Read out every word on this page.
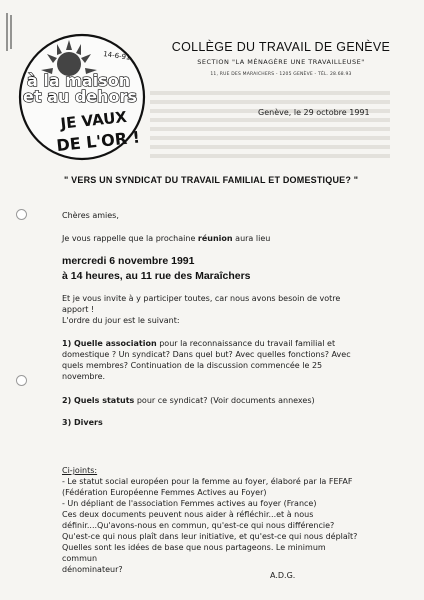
14-6-91
à la maison
et au dehors
JE VAUX
DE L'OR !

COLLÈGE DU TRAVAIL DE GENÈVE

SECTION "LA MÉNAGÈRE UNE TRAVAILLEUSE"

11, RUE DES MARAICHERS - 1205 GENÈVE - TÉL. 28.68.93

Genève, le 29 octobre 1991
" VERS UN SYNDICAT DU TRAVAIL FAMILIAL ET DOMESTIQUE? "
Chères amies,
Je vous rappelle que la prochaine réunion aura lieu

mercredi 6 novembre 1991

à 14 heures, au 11 rue des Maraîchers

Et je vous invite à y participer toutes, car nous avons besoin de votre

apport !

L'ordre du jour est le suivant:

1) Quelle association pour la reconnaissance du travail familial et

domestique ? Un syndicat? Dans quel but? Avec quelles fonctions? Avec

quels membres? Continuation de la discussion commencée le 25

novembre.

2) Quels statuts pour ce syndicat? (Voir documents annexes)

3) Divers

Ci-joints:

- Le statut social européen pour la femme au foyer, élaboré par la FEFAF

(Fédération Européenne Femmes Actives au Foyer)

- Un dépliant de l'association Femmes actives au foyer (France)

Ces deux documents peuvent nous aider à réfléchir...et à nous

définir....Qu'avons-nous en commun, qu'est-ce qui nous différencie?

Qu'est-ce qui nous plaît dans leur initiative, et qu'est-ce qui nous déplaît?

Quelles sont les idées de base que nous partageons. Le minimum commun

dénominateur?

A.D.G.
